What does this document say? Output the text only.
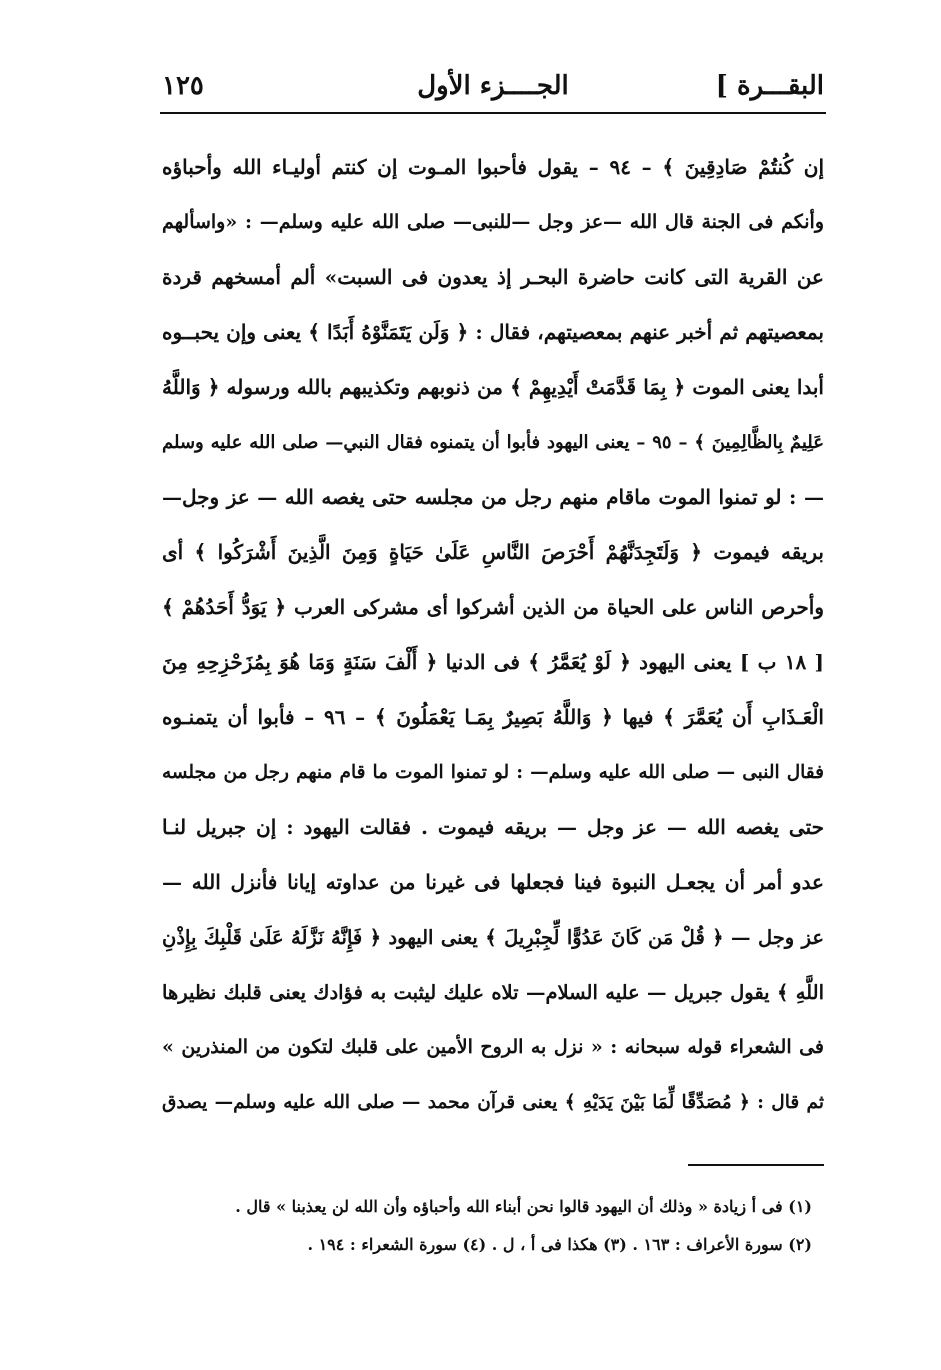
الجــــزء الأول	البقـــرة ]
١٢٥
إن كُنتُمْ صَادِقِينَ ﴾ – ٩٤ – يقول فأحبوا المـوت إن كنتم أوليـاء الله وأحباؤه
وأنكم فى الجنة قال الله —عز وجل —للنبى— صلى الله عليه وسلم— : «واسألهم
عن القرية التى كانت حاضرة البحـر إذ يعدون فى السبت» ألم أمسخهم قردة
بمعصيتهم ثم أخبر عنهم بمعصيتهم، فقال : ﴿ وَلَن يَتَمَنَّوْهُ أَبَدًا ﴾ يعنى وإن يحبــوه
أبدا يعنى الموت ﴿ بِمَا قَدَّمَتْ أَيْدِيهِمْ ﴾ من ذنوبهم وتكذيبهم بالله ورسوله ﴿ وَاللَّهُ
عَلِيمٌ بِالظَّالِمِينَ ﴾ – ٩٥ – يعنى اليهود فأبوا أن يتمنوه فقال النبي— صلى الله عليه وسلم
— : لو تمنوا الموت ماقام منهم رجل من مجلسه حتى يغصه الله — عز وجل—
بريقه فيموت ﴿ وَلَتَجِدَنَّهُمْ أَحْرَصَ النَّاسِ عَلَىٰ حَيَاةٍ وَمِنَ الَّذِينَ أَشْرَكُوا ﴾ أى
وأحرص الناس على الحياة من الذين أشركوا أى مشركى العرب ﴿ يَوَدُّ أَحَدُهُمْ ﴾
[ ١٨ ب ] يعنى اليهود ﴿ لَوْ يُعَمَّرُ ﴾ فى الدنيا ﴿ أَلْفَ سَنَةٍ وَمَا هُوَ بِمُزَحْزِحِهِ مِنَ
الْعَـذَابِ أَن يُعَمَّرَ ﴾ فيها ﴿ وَاللَّهُ بَصِيرٌ بِمَـا يَعْمَلُونَ ﴾ – ٩٦ – فأبوا أن يتمنـوه
فقال النبى — صلى الله عليه وسلم— : لو تمنوا الموت ما قام منهم رجل من مجلسه
حتى يغصه الله — عز وجل — بريقه فيموت . فقالت اليهود : إن جبريل لنـا
عدو أمر أن يجعـل النبوة فينا فجعلها فى غيرنا من عداوته إيانا فأنزل الله —
عز وجل — ﴿ قُلْ مَن كَانَ عَدُوًّا لِّجِبْرِيلَ ﴾ يعنى اليهود ﴿ فَإِنَّهُ نَزَّلَهُ عَلَىٰ قَلْبِكَ بِإِذْنِ
اللَّهِ ﴾ يقول جبريل — عليه السلام— تلاه عليك ليثبت به فؤادك يعنى قلبك نظيرها
فى الشعراء قوله سبحانه : « نزل به الروح الأمين على قلبك لتكون من المنذرين »
ثم قال : ﴿ مُصَدِّقًا لِّمَا بَيْنَ يَدَيْهِ ﴾ يعنى قرآن محمد — صلى الله عليه وسلم— يصدق
(١) فى أ زيادة « وذلك أن اليهود قالوا نحن أبناء الله وأحباؤه وأن الله لن يعذبنا » قال .
(٢) سورة الأعراف : ١٦٣ . (٣) هكذا فى أ ، ل . (٤) سورة الشعراء : ١٩٤ .
